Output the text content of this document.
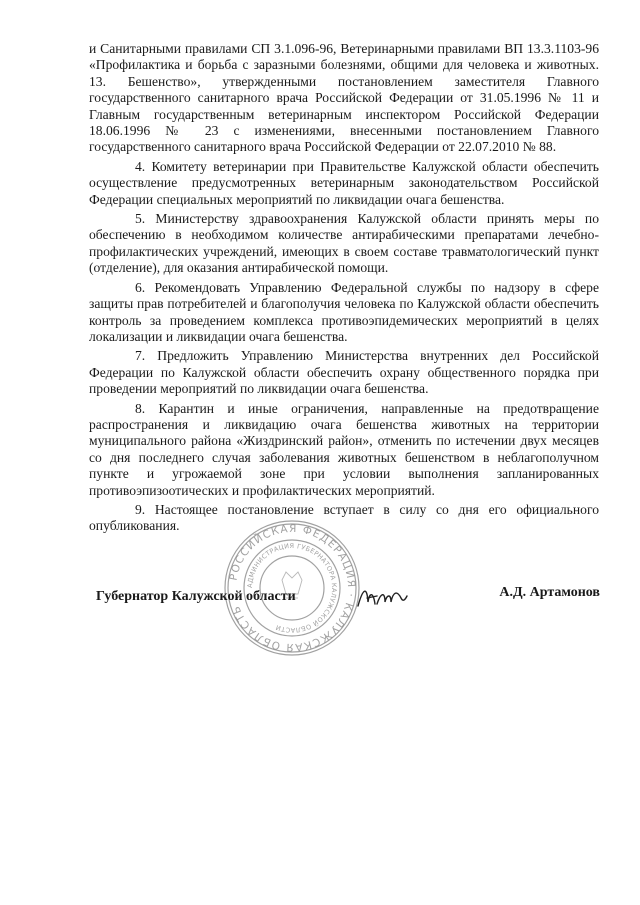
и Санитарными правилами СП 3.1.096-96, Ветеринарными правилами ВП 13.3.1103-96 «Профилактика и борьба с заразными болезнями, общими для человека и животных. 13. Бешенство», утвержденными постановлением заместителя Главного государственного санитарного врача Российской Федерации от 31.05.1996 № 11 и Главным государственным ветеринарным инспектором Российской Федерации 18.06.1996 № 23 с изменениями, внесенными постановлением Главного государственного санитарного врача Российской Федерации от 22.07.2010 № 88.

4. Комитету ветеринарии при Правительстве Калужской области обеспечить осуществление предусмотренных ветеринарным законодательством Российской Федерации специальных мероприятий по ликвидации очага бешенства.

5. Министерству здравоохранения Калужской области принять меры по обеспечению в необходимом количестве антирабическими препаратами лечебно-профилактических учреждений, имеющих в своем составе травматологический пункт (отделение), для оказания антирабической помощи.

6. Рекомендовать Управлению Федеральной службы по надзору в сфере защиты прав потребителей и благополучия человека по Калужской области обеспечить контроль за проведением комплекса противоэпидемических мероприятий в целях локализации и ликвидации очага бешенства.

7. Предложить Управлению Министерства внутренних дел Российской Федерации по Калужской области обеспечить охрану общественного порядка при проведении мероприятий по ликвидации очага бешенства.

8. Карантин и иные ограничения, направленные на предотвращение распространения и ликвидацию очага бешенства животных на территории муниципального района «Жиздринский район», отменить по истечении двух месяцев со дня последнего случая заболевания животных бешенством в неблагополучном пункте и угрожаемой зоне при условии выполнения запланированных противоэпизоотических и профилактических мероприятий.

9. Настоящее постановление вступает в силу со дня его официального опубликования.

РОССИЙСКАЯ ФЕДЕРАЦИЯ · КАЛУЖСКАЯ ОБЛАСТЬ
АДМИНИСТРАЦИЯ ГУБЕРНАТОРА КАЛУЖСКОЙ ОБЛАСТИ
Губернатор Калужской области	А.Д. Артамонов
